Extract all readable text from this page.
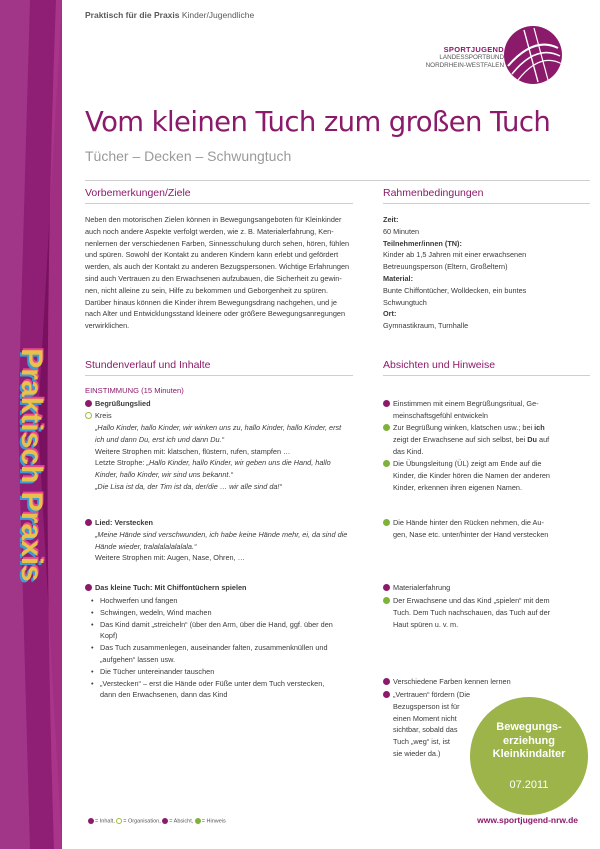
Praktisch Praxis
Praktisch für die Praxis Kinder/Jugendliche
SPORTJUGEND
LANDESSPORTBUND
NORDRHEIN-WESTFALEN
Vom kleinen Tuch zum großen Tuch
Tücher – Decken – Schwungtuch
Vorbemerkungen/Ziele
Neben den motorischen Zielen können in Bewegungsangeboten für Kleinkinder
auch noch andere Aspekte verfolgt werden, wie z. B. Materialerfahrung, Ken-
nenlernen der verschiedenen Farben, Sinnesschulung durch sehen, hören, fühlen
und spüren. Sowohl der Kontakt zu anderen Kindern kann erlebt und gefördert
werden, als auch der Kontakt zu anderen Bezugspersonen. Wichtige Erfahrungen
sind auch Vertrauen zu den Erwachsenen aufzubauen, die Sicherheit zu gewin-
nen, nicht alleine zu sein, Hilfe zu bekommen und Geborgenheit zu spüren.
Darüber hinaus können die Kinder ihrem Bewegungsdrang nachgehen, und je
nach Alter und Entwicklungsstand kleinere oder größere Bewegungsanregungen
verwirklichen.
Rahmenbedingungen

Zeit:

60 Minuten

Teilnehmer/innen (TN):

Kinder ab 1,5 Jahren mit einer erwachsenen

Betreuungsperson (Eltern, Großeltern)

Material:

Bunte Chiffontücher, Wolldecken, ein buntes

Schwungtuch

Ort:

Gymnastikraum, Turnhalle

Stundenverlauf und Inhalte	Absichten und Hinweise
EINSTIMMUNG (15 Minuten)
Begrüßungslied
Kreis
„Hallo Kinder, hallo Kinder, wir winken uns zu, hallo Kinder, hallo Kinder, erst
ich und dann Du, erst ich und dann Du.“
Weitere Strophen mit: klatschen, flüstern, rufen, stampfen …
Letzte Strophe: „Hallo Kinder, hallo Kinder, wir geben uns die Hand, hallo
Kinder, hallo Kinder, wir sind uns bekannt.“
„Die Lisa ist da, der Tim ist da, der/die … wir alle sind da!“
Lied: Verstecken
„Meine Hände sind verschwunden, ich habe keine Hände mehr, ei, da sind die
Hände wieder, tralalalalalalala.“
Weitere Strophen mit: Augen, Nase, Ohren, …
Das kleine Tuch: Mit Chiffontüchern spielen
• Hochwerfen und fangen
• Schwingen, wedeln, Wind machen
• Das Kind damit „streicheln“ (über den Arm, über die Hand, ggf. über den
Kopf)
• Das Tuch zusammenlegen, auseinander falten, zusammenknüllen und
„aufgehen“ lassen usw.
• Die Tücher untereinander tauschen
• „Verstecken“ – erst die Hände oder Füße unter dem Tuch verstecken,
dann den Erwachsenen, dann das Kind
Einstimmen mit einem Begrüßungsritual, Ge-
meinschaftsgefühl entwickeln
Zur Begrüßung winken, klatschen usw.; bei ich
zeigt der Erwachsene auf sich selbst, bei Du auf
das Kind.
Die Übungsleitung (ÜL) zeigt am Ende auf die
Kinder, die Kinder hören die Namen der anderen
Kinder, erkennen ihren eigenen Namen.
Die Hände hinter den Rücken nehmen, die Au-
gen, Nase etc. unter/hinter der Hand verstecken
Materialerfahrung
Der Erwachsene und das Kind „spielen“ mit dem
Tuch. Dem Tuch nachschauen, das Tuch auf der
Haut spüren u. v. m.
Verschiedene Farben kennen lernen
„Vertrauen“ fördern (Die
Bezugsperson ist für
einen Moment nicht
sichtbar, sobald das
Tuch „weg“ ist, ist
sie wieder da.)
Bewegungs-
erziehung
Kleinkindalter
07.2011
= Inhalt, = Organisation, = Absicht, = Hinweis	www.sportjugend-nrw.de
